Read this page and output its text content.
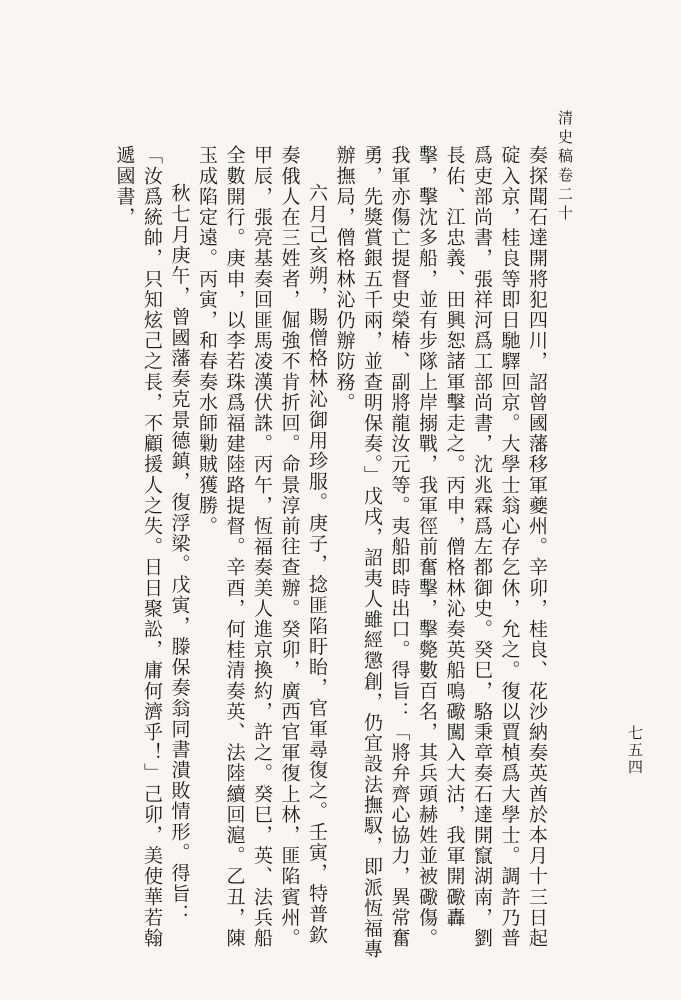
清史稿卷二十

奏探聞石達開將犯四川，詔曾國藩移軍夔州。辛卯，桂良、花沙納奏英酋於本月十三日起碇入京，桂良等即日馳驛回京。大學士翁心存乞休，允之。復以賈楨爲大學士。調許乃普爲吏部尚書，張祥河爲工部尚書，沈兆霖爲左都御史。癸巳，駱秉章奏石達開竄湖南，劉長佑、江忠義、田興恕諸軍擊走之。丙申，僧格林沁奏英船鳴礮闖入大沽，我軍開礮轟擊，擊沈多船，並有步隊上岸搦戰，我軍徑前奮擊，擊斃數百名，其兵頭赫姓並被礮傷。我軍亦傷亡提督史榮椿、副將龍汝元等。夷船即時出口。得旨：「將弁齊心協力，異常奮勇，先獎賞銀五千兩，並查明保奏。」戊戌，詔夷人雖經懲創，仍宜設法撫馭，即派恆福專辦撫局，僧格林沁仍辦防務。

六月己亥朔，賜僧格林沁御用珍服。庚子，捻匪陷盱眙，官軍尋復之。壬寅，特普欽奏俄人在三姓者，倔強不肯折回。命景淳前往查辦。癸卯，廣西官軍復上林，匪陷賓州。甲辰，張亮基奏回匪馬凌漢伏誅。丙午，恆福奏美人進京換約，許之。癸巳，英、法兵船全數開行。庚申，以李若珠爲福建陸路提督。辛酉，何桂清奏英、法陸續回滬。乙丑，陳玉成陷定遠。丙寅，和春奏水師勦賊獲勝。

秋七月庚午，曾國藩奏克景德鎮，復浮梁。戊寅，滕保奏翁同書潰敗情形。得旨：「汝爲統帥，只知炫己之長，不顧援人之失。日日聚訟，庸何濟乎！」己卯，美使華若翰遞國書，

七五四
